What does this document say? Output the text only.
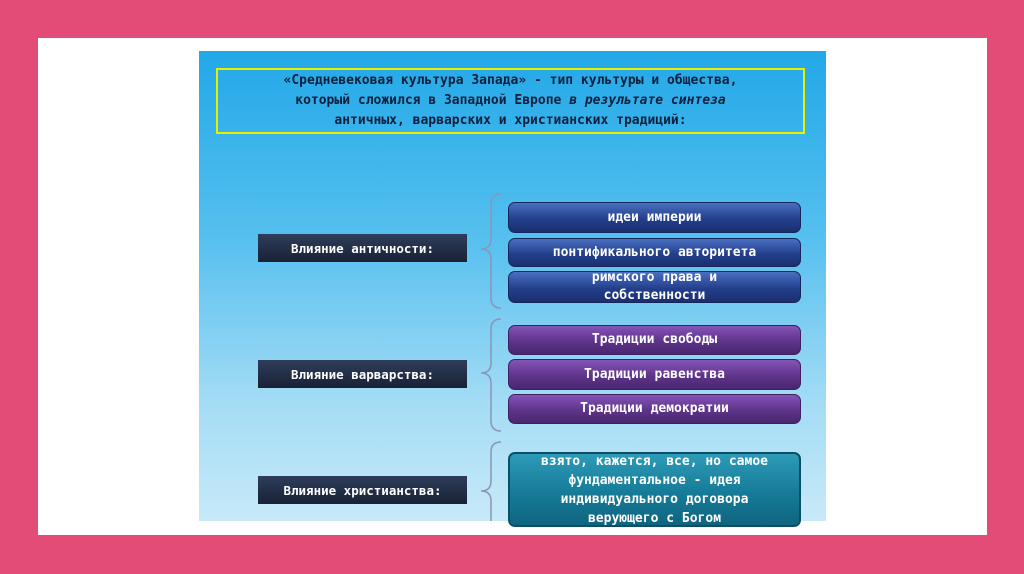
«Средневековая культура Запада» - тип культуры и общества,
который сложился в Западной Европе в результате синтеза
античных, варварских и христианских традиций:
Влияние античности:
Влияние варварства:
Влияние христианства:
идеи империи
понтификального авторитета
римского права и
собственности
Традиции свободы
Традиции равенства
Традиции демократии
взято, кажется, все, но самое
фундаментальное - идея
индивидуального договора
верующего с Богом
